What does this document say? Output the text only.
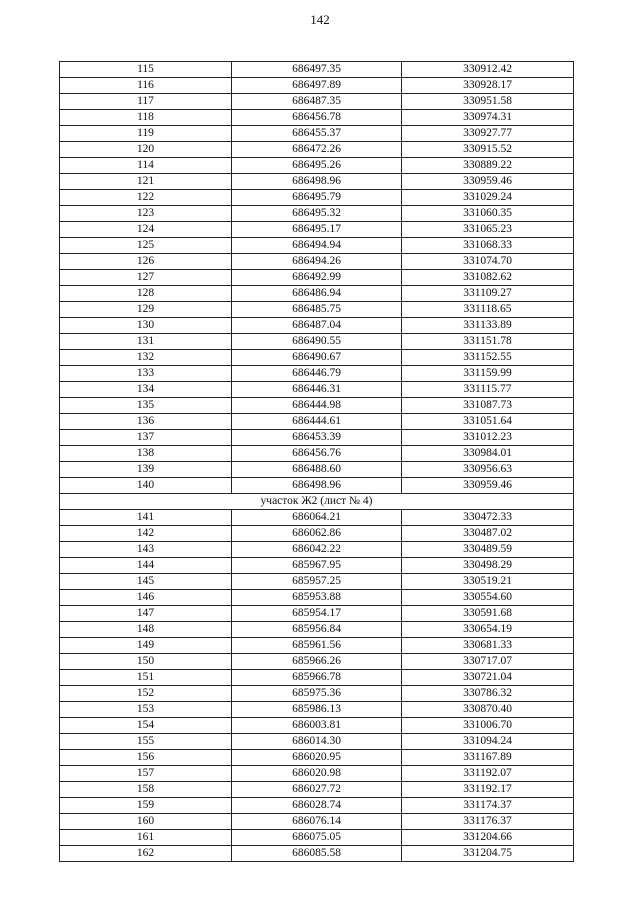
142
115	686497.35	330912.42
116	686497.89	330928.17
117	686487.35	330951.58
118	686456.78	330974.31
119	686455.37	330927.77
120	686472.26	330915.52
114	686495.26	330889.22
121	686498.96	330959.46
122	686495.79	331029.24
123	686495.32	331060.35
124	686495.17	331065.23
125	686494.94	331068.33
126	686494.26	331074.70
127	686492.99	331082.62
128	686486.94	331109.27
129	686485.75	331118.65
130	686487.04	331133.89
131	686490.55	331151.78
132	686490.67	331152.55
133	686446.79	331159.99
134	686446.31	331115.77
135	686444.98	331087.73
136	686444.61	331051.64
137	686453.39	331012.23
138	686456.76	330984.01
139	686488.60	330956.63
140	686498.96	330959.46
участок Ж2 (лист № 4)		
141	686064.21	330472.33
142	686062.86	330487.02
143	686042.22	330489.59
144	685967.95	330498.29
145	685957.25	330519.21
146	685953.88	330554.60
147	685954.17	330591.68
148	685956.84	330654.19
149	685961.56	330681.33
150	685966.26	330717.07
151	685966.78	330721.04
152	685975.36	330786.32
153	685986.13	330870.40
154	686003.81	331006.70
155	686014.30	331094.24
156	686020.95	331167.89
157	686020.98	331192.07
158	686027.72	331192.17
159	686028.74	331174.37
160	686076.14	331176.37
161	686075.05	331204.66
162	686085.58	331204.75
